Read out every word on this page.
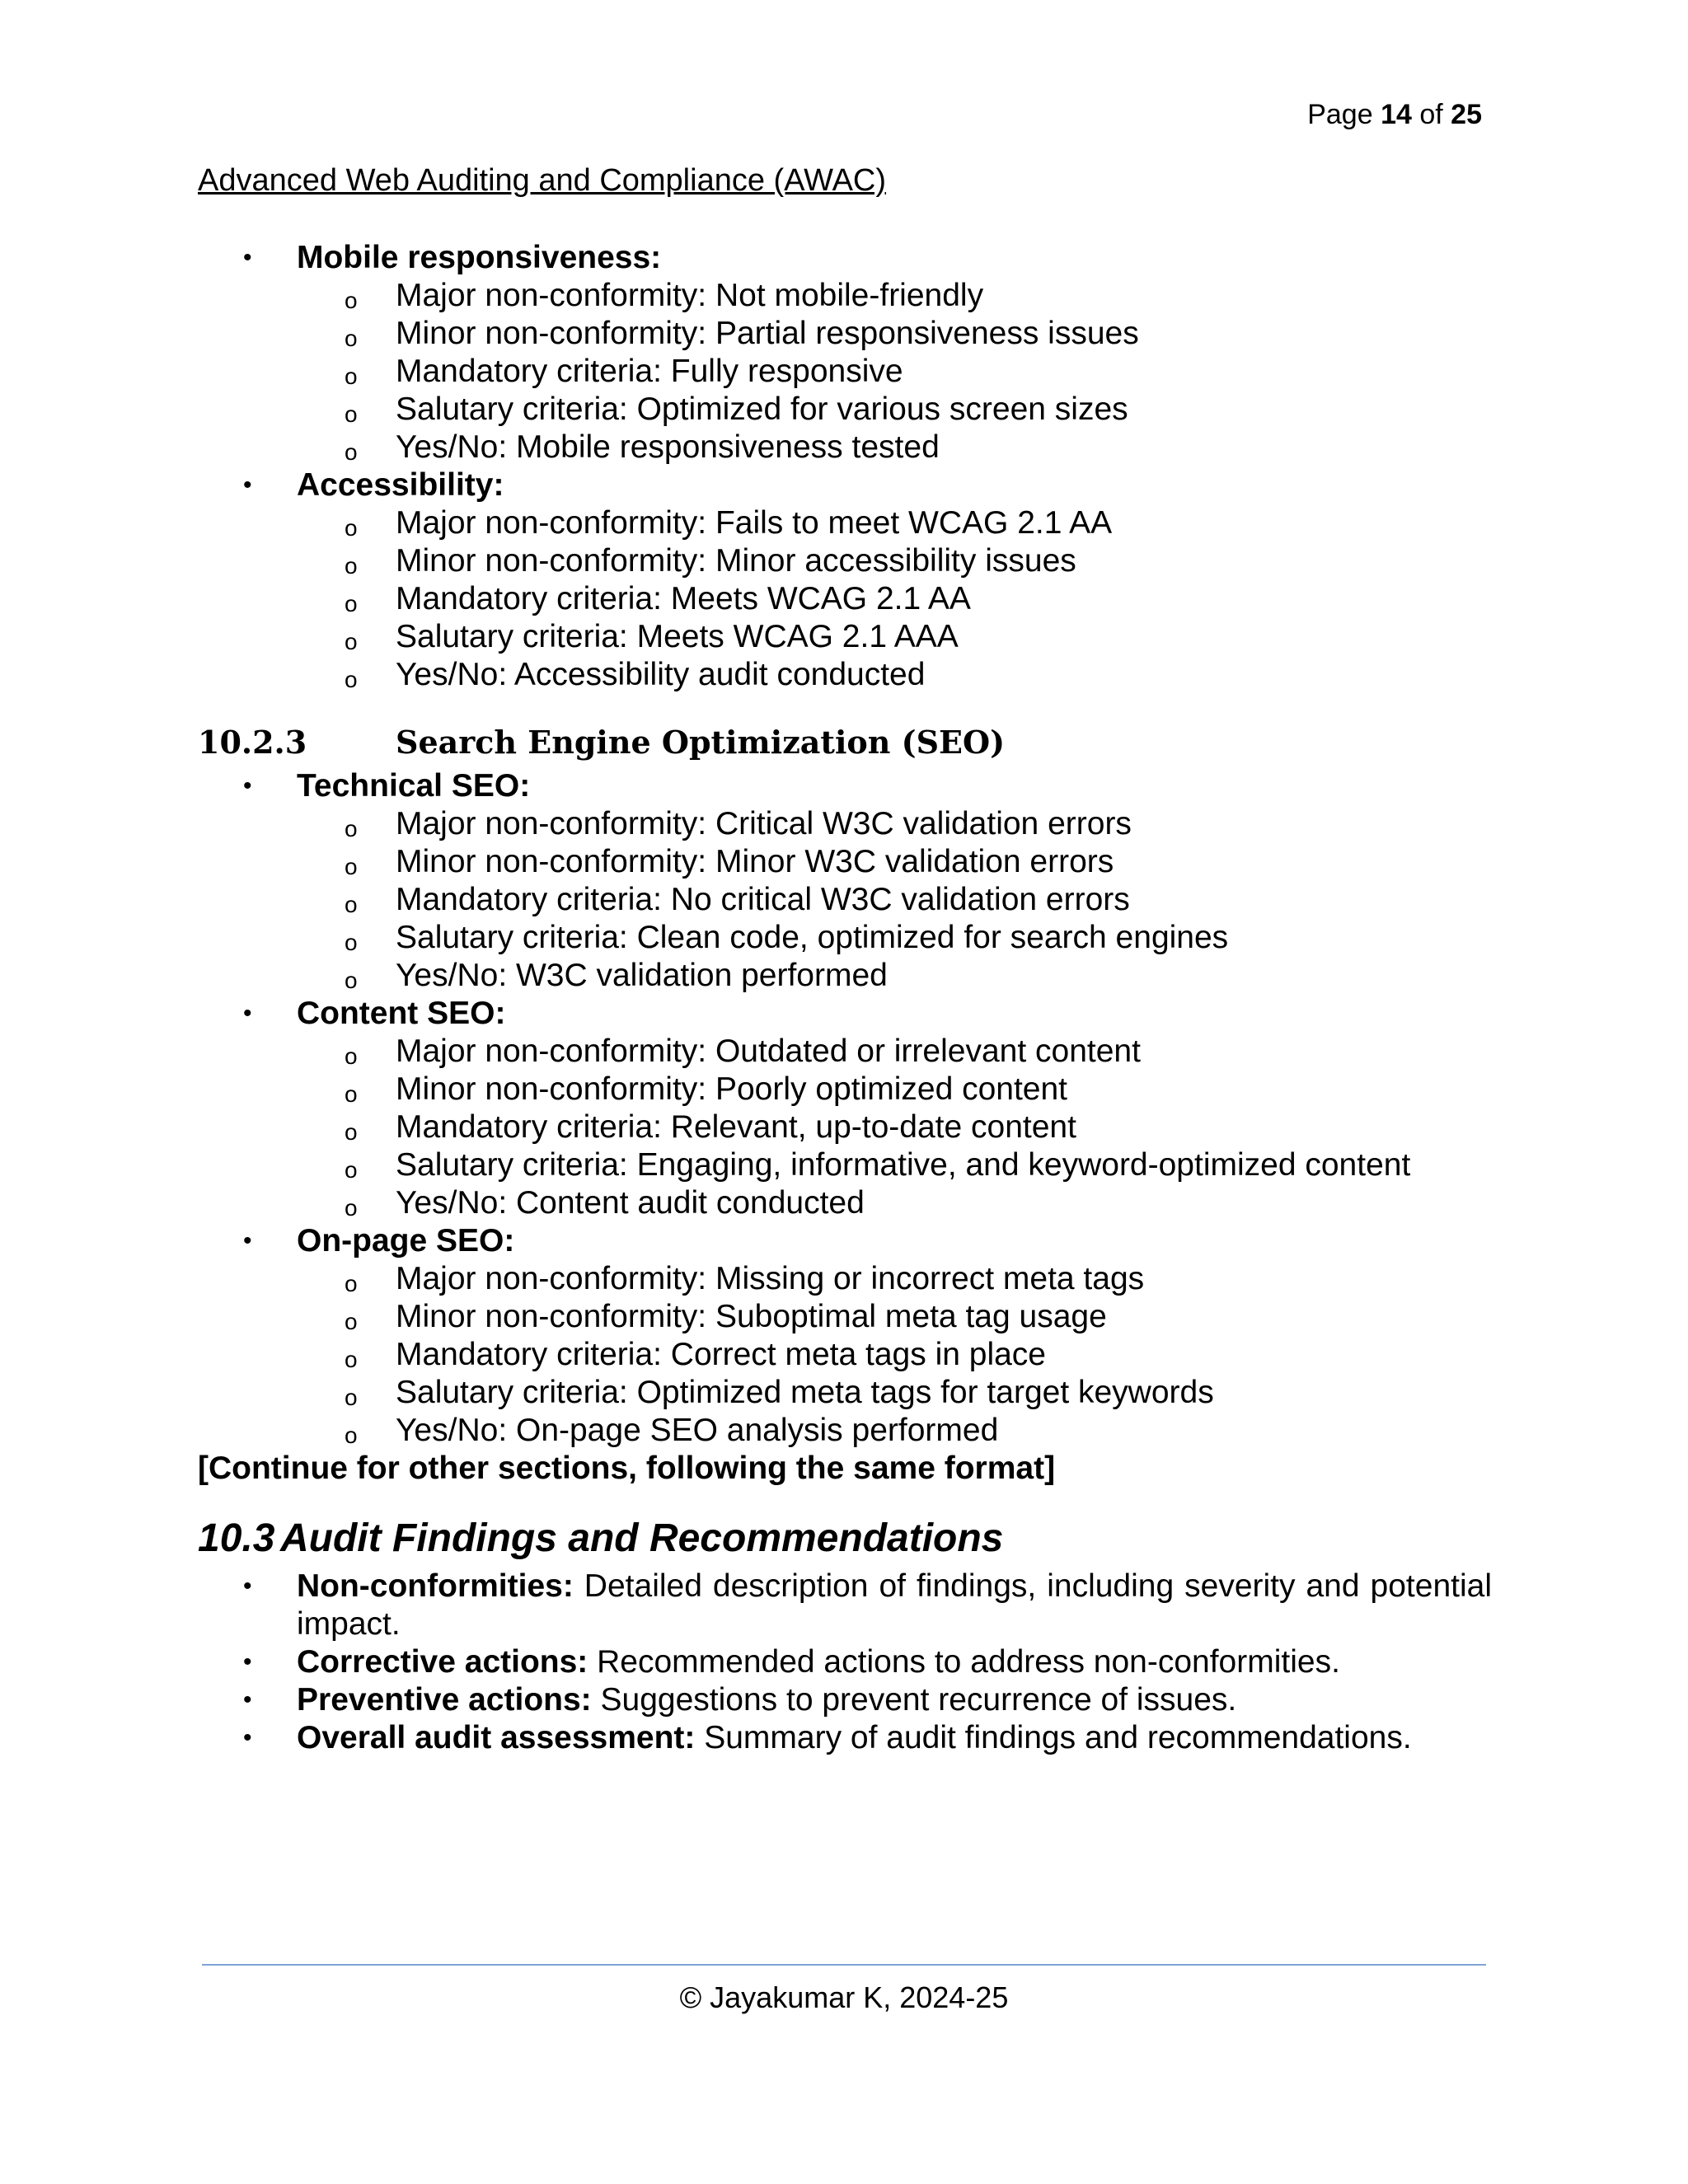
Page 14 of 25
Advanced Web Auditing and Compliance (AWAC)
• Mobile responsiveness:
o Major non-conformity: Not mobile-friendly
o Minor non-conformity: Partial responsiveness issues
o Mandatory criteria: Fully responsive
o Salutary criteria: Optimized for various screen sizes
o Yes/No: Mobile responsiveness tested
• Accessibility:
o Major non-conformity: Fails to meet WCAG 2.1 AA
o Minor non-conformity: Minor accessibility issues
o Mandatory criteria: Meets WCAG 2.1 AA
o Salutary criteria: Meets WCAG 2.1 AAA
o Yes/No: Accessibility audit conducted
10.2.3	Search Engine Optimization (SEO)
• Technical SEO:
o Major non-conformity: Critical W3C validation errors
o Minor non-conformity: Minor W3C validation errors
o Mandatory criteria: No critical W3C validation errors
o Salutary criteria: Clean code, optimized for search engines
o Yes/No: W3C validation performed
• Content SEO:
o Major non-conformity: Outdated or irrelevant content
o Minor non-conformity: Poorly optimized content
o Mandatory criteria: Relevant, up-to-date content
o Salutary criteria: Engaging, informative, and keyword-optimized content
o Yes/No: Content audit conducted
• On-page SEO:
o Major non-conformity: Missing or incorrect meta tags
o Minor non-conformity: Suboptimal meta tag usage
o Mandatory criteria: Correct meta tags in place
o Salutary criteria: Optimized meta tags for target keywords
o Yes/No: On-page SEO analysis performed
[Continue for other sections, following the same format]
10.3 Audit Findings and Recommendations
• Non-conformities: Detailed description of findings, including severity and potential impact.
• Corrective actions: Recommended actions to address non-conformities.
• Preventive actions: Suggestions to prevent recurrence of issues.
• Overall audit assessment: Summary of audit findings and recommendations.
© Jayakumar K, 2024-25
